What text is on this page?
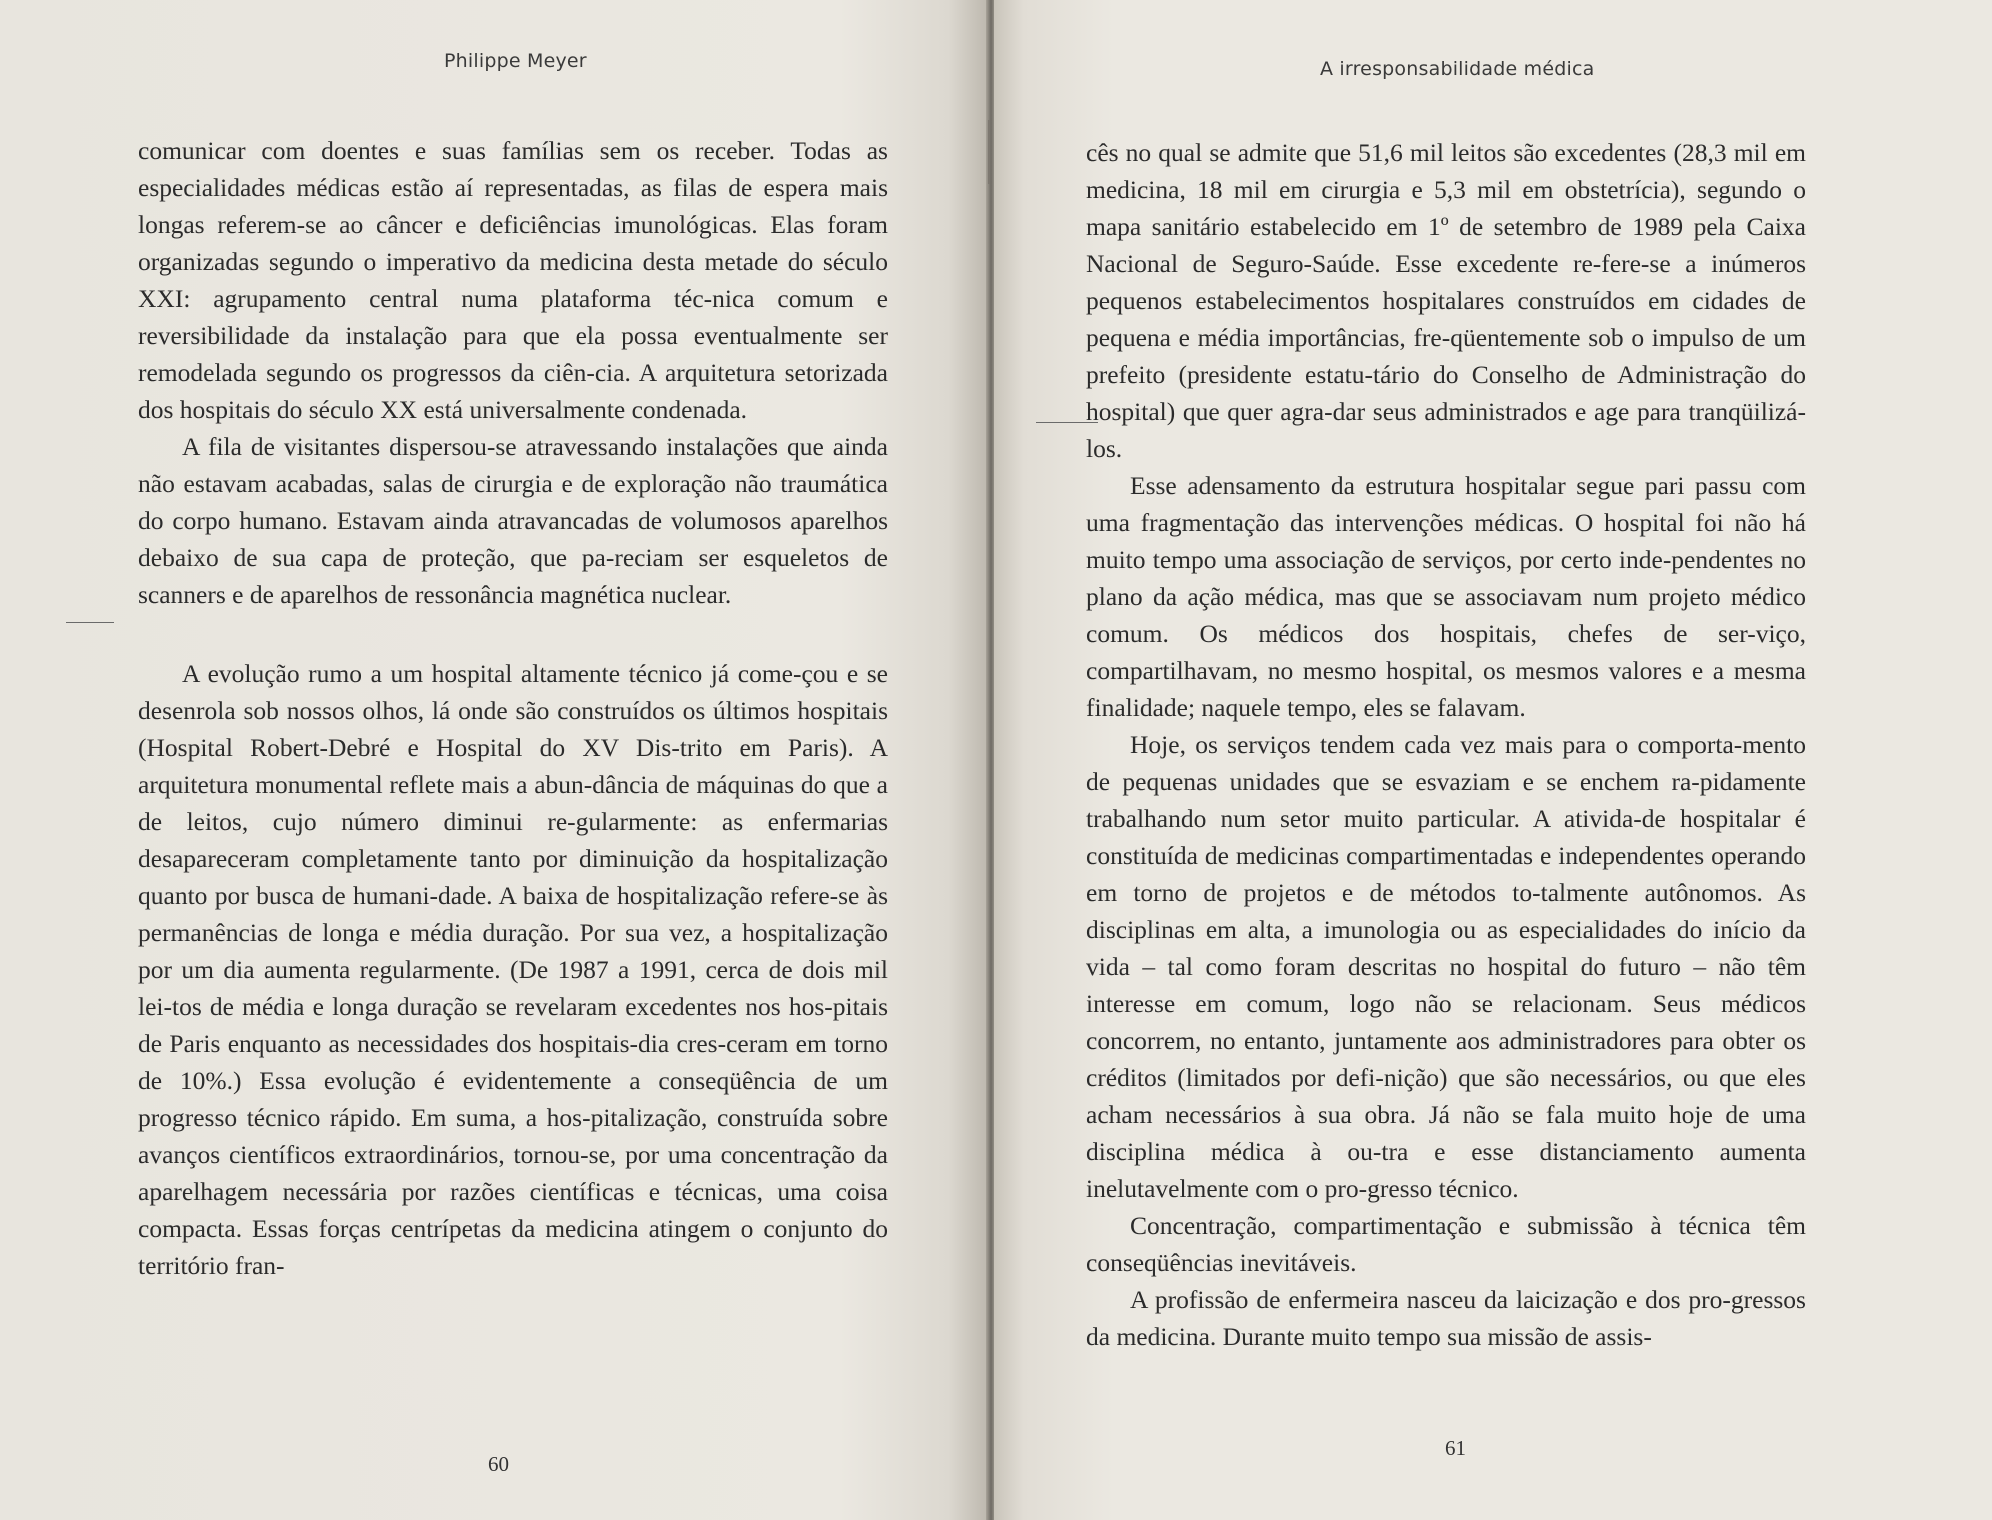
Philippe Meyer

comunicar com doentes e suas famílias sem os receber. Todas as especialidades médicas estão aí representadas, as filas de espera mais longas referem-se ao câncer e deficiências imunológicas. Elas foram organizadas segundo o imperativo da medicina desta metade do século XXI: agrupamento central numa plataforma téc-nica comum e reversibilidade da instalação para que ela possa eventualmente ser remodelada segundo os progressos da ciên-cia. A arquitetura setorizada dos hospitais do século XX está universalmente condenada.

A fila de visitantes dispersou-se atravessando instalações que ainda não estavam acabadas, salas de cirurgia e de exploração não traumática do corpo humano. Estavam ainda atravancadas de volumosos aparelhos debaixo de sua capa de proteção, que pa-reciam ser esqueletos de scanners e de aparelhos de ressonância magnética nuclear.

A evolução rumo a um hospital altamente técnico já come-çou e se desenrola sob nossos olhos, lá onde são construídos os últimos hospitais (Hospital Robert-Debré e Hospital do XV Dis-trito em Paris). A arquitetura monumental reflete mais a abun-dância de máquinas do que a de leitos, cujo número diminui re-gularmente: as enfermarias desapareceram completamente tanto por diminuição da hospitalização quanto por busca de humani-dade. A baixa de hospitalização refere-se às permanências de longa e média duração. Por sua vez, a hospitalização por um dia aumenta regularmente. (De 1987 a 1991, cerca de dois mil lei-tos de média e longa duração se revelaram excedentes nos hos-pitais de Paris enquanto as necessidades dos hospitais-dia cres-ceram em torno de 10%.) Essa evolução é evidentemente a conseqüência de um progresso técnico rápido. Em suma, a hos-pitalização, construída sobre avanços científicos extraordinários, tornou-se, por uma concentração da aparelhagem necessária por razões científicas e técnicas, uma coisa compacta. Essas forças centrípetas da medicina atingem o conjunto do território fran-

60

A irresponsabilidade médica

cês no qual se admite que 51,6 mil leitos são excedentes (28,3 mil em medicina, 18 mil em cirurgia e 5,3 mil em obstetrícia), segundo o mapa sanitário estabelecido em 1º de setembro de 1989 pela Caixa Nacional de Seguro-Saúde. Esse excedente re-fere-se a inúmeros pequenos estabelecimentos hospitalares construídos em cidades de pequena e média importâncias, fre-qüentemente sob o impulso de um prefeito (presidente estatu-tário do Conselho de Administração do hospital) que quer agra-dar seus administrados e age para tranqüilizá-los.

Esse adensamento da estrutura hospitalar segue pari passu com uma fragmentação das intervenções médicas. O hospital foi não há muito tempo uma associação de serviços, por certo inde-pendentes no plano da ação médica, mas que se associavam num projeto médico comum. Os médicos dos hospitais, chefes de ser-viço, compartilhavam, no mesmo hospital, os mesmos valores e a mesma finalidade; naquele tempo, eles se falavam.

Hoje, os serviços tendem cada vez mais para o comporta-mento de pequenas unidades que se esvaziam e se enchem ra-pidamente trabalhando num setor muito particular. A ativida-de hospitalar é constituída de medicinas compartimentadas e independentes operando em torno de projetos e de métodos to-talmente autônomos. As disciplinas em alta, a imunologia ou as especialidades do início da vida – tal como foram descritas no hospital do futuro – não têm interesse em comum, logo não se relacionam. Seus médicos concorrem, no entanto, juntamente aos administradores para obter os créditos (limitados por defi-nição) que são necessários, ou que eles acham necessários à sua obra. Já não se fala muito hoje de uma disciplina médica à ou-tra e esse distanciamento aumenta inelutavelmente com o pro-gresso técnico.

Concentração, compartimentação e submissão à técnica têm conseqüências inevitáveis.

A profissão de enfermeira nasceu da laicização e dos pro-gressos da medicina. Durante muito tempo sua missão de assis-

61
